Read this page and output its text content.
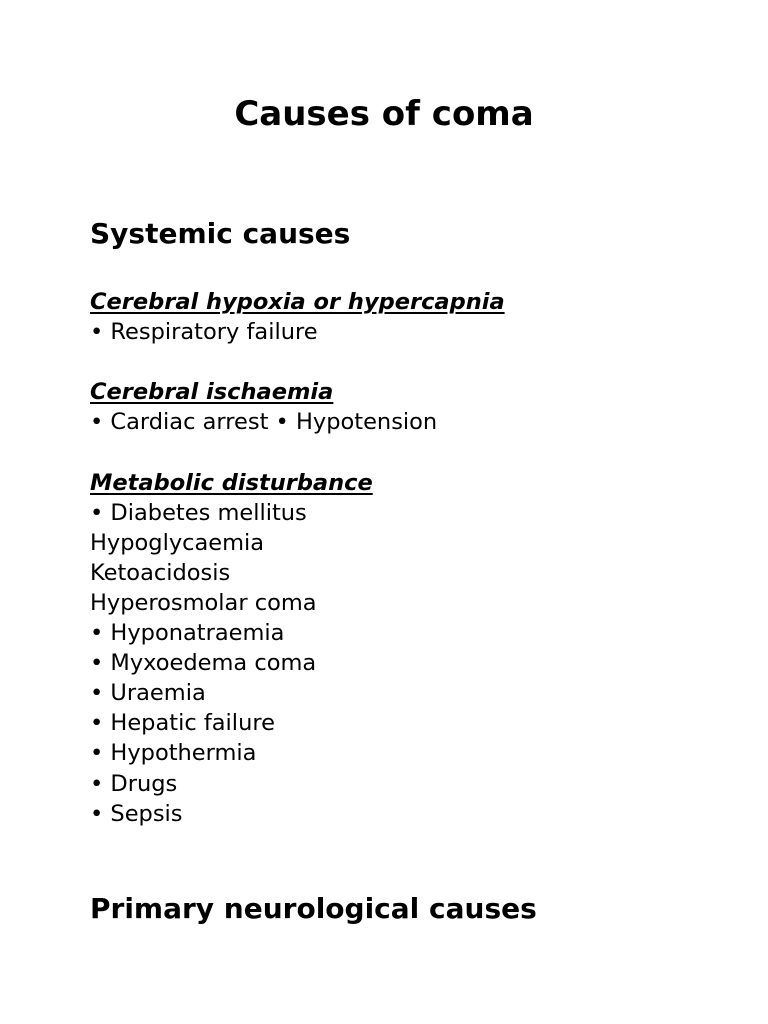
Causes of coma
Systemic causes
Cerebral hypoxia or hypercapnia
• Respiratory failure
Cerebral ischaemia
• Cardiac arrest • Hypotension
Metabolic disturbance
• Diabetes mellitus
Hypoglycaemia
Ketoacidosis
Hyperosmolar coma
• Hyponatraemia
• Myxoedema coma
• Uraemia
• Hepatic failure
• Hypothermia
• Drugs
• Sepsis
Primary neurological causes
